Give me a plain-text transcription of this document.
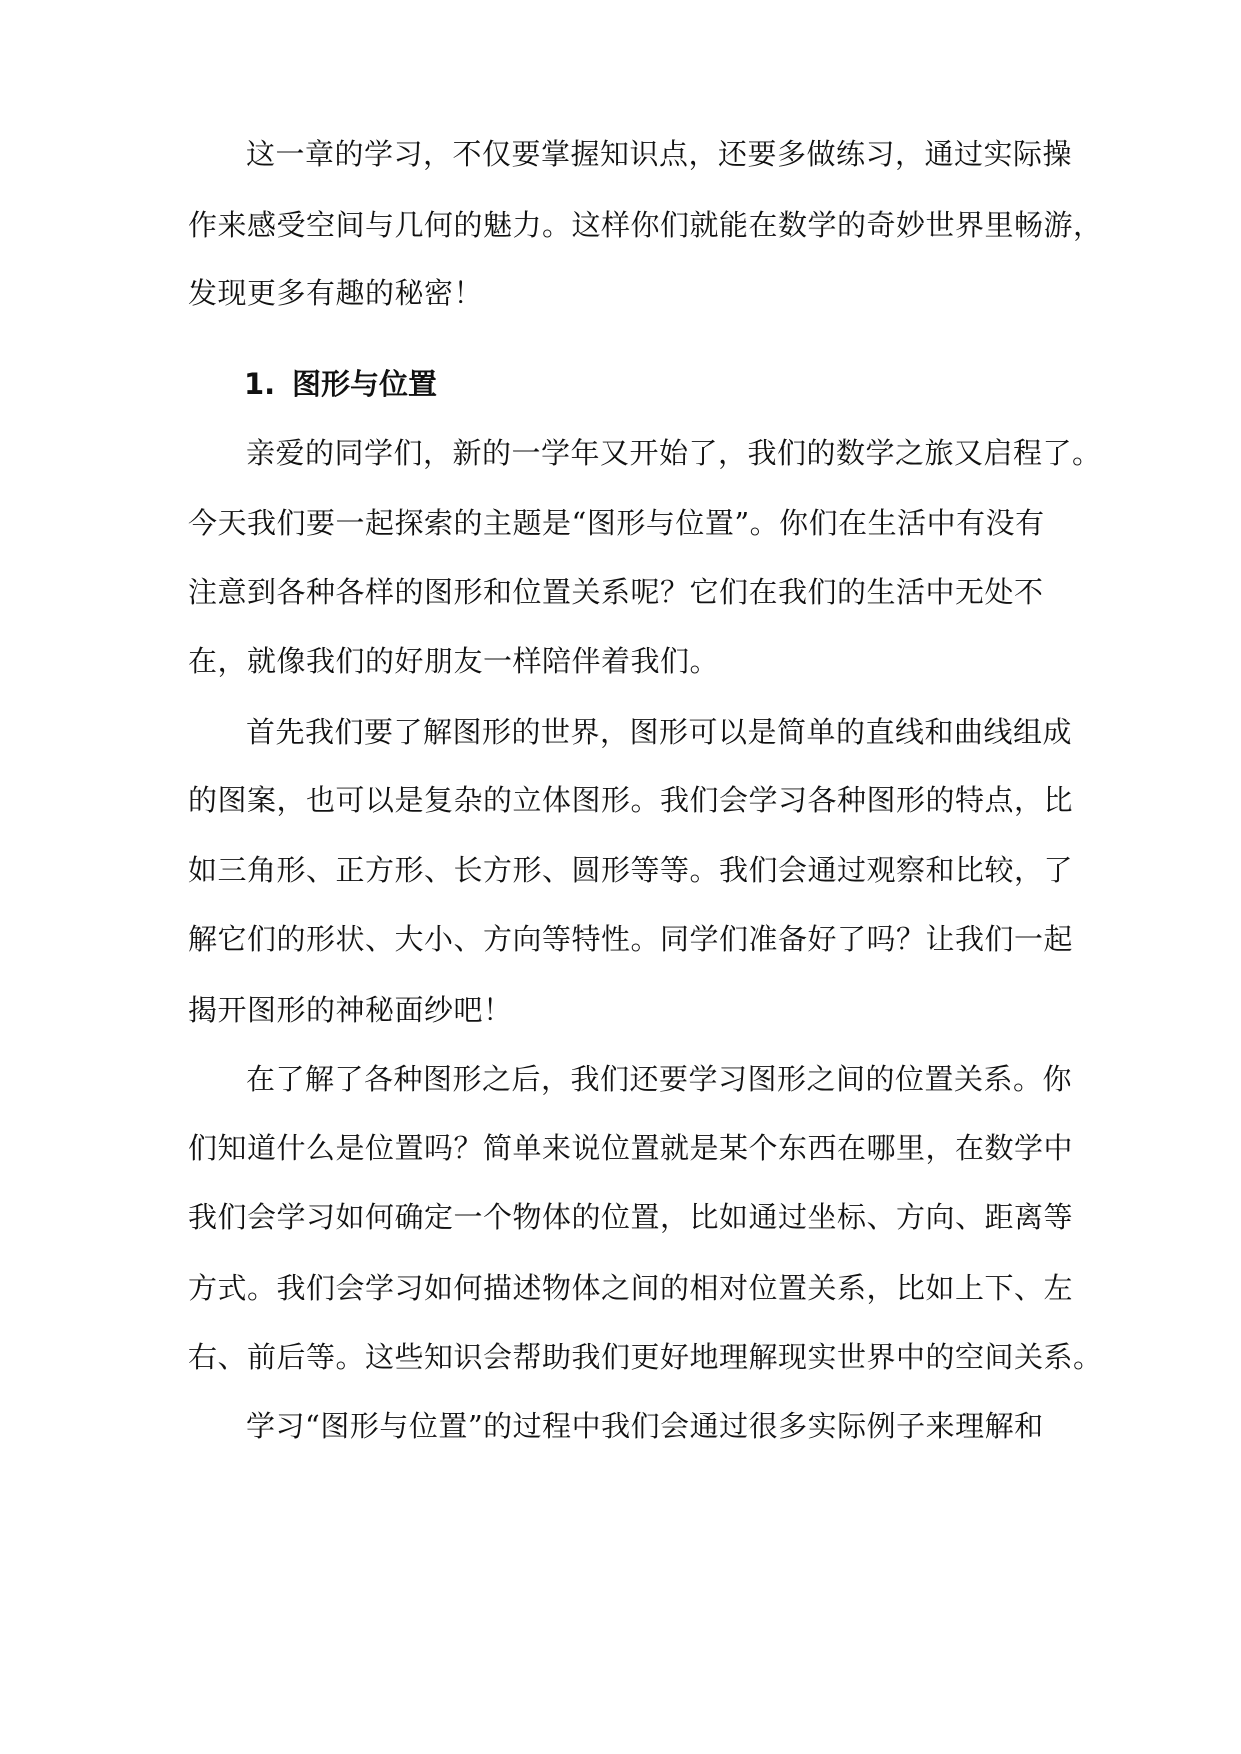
这一章的学习，不仅要掌握知识点，还要多做练习，通过实际操
作来感受空间与几何的魅力。这样你们就能在数学的奇妙世界里畅游，
发现更多有趣的秘密！
1. 图形与位置
亲爱的同学们，新的一学年又开始了，我们的数学之旅又启程了。
今天我们要一起探索的主题是“图形与位置”。你们在生活中有没有
注意到各种各样的图形和位置关系呢？它们在我们的生活中无处不
在，就像我们的好朋友一样陪伴着我们。
首先我们要了解图形的世界，图形可以是简单的直线和曲线组成
的图案，也可以是复杂的立体图形。我们会学习各种图形的特点，比
如三角形、正方形、长方形、圆形等等。我们会通过观察和比较，了
解它们的形状、大小、方向等特性。同学们准备好了吗？让我们一起
揭开图形的神秘面纱吧！
在了解了各种图形之后，我们还要学习图形之间的位置关系。你
们知道什么是位置吗？简单来说位置就是某个东西在哪里，在数学中
我们会学习如何确定一个物体的位置，比如通过坐标、方向、距离等
方式。我们会学习如何描述物体之间的相对位置关系，比如上下、左
右、前后等。这些知识会帮助我们更好地理解现实世界中的空间关系。
学习“图形与位置”的过程中我们会通过很多实际例子来理解和
